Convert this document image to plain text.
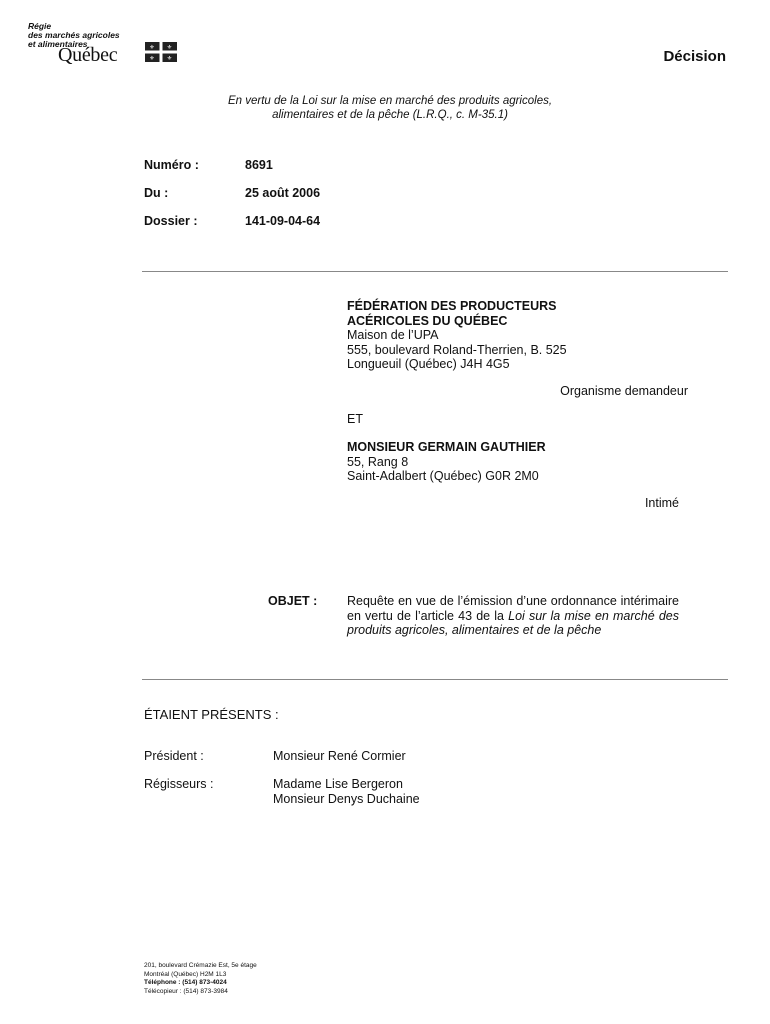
Régie
des marchés agricoles
et alimentaires
Québec	⚜ ⚜
⚜ ⚜	Décision
En vertu de la Loi sur la mise en marché des produits agricoles,
alimentaires et de la pêche (L.R.Q., c. M-35.1)
Numéro :	8691
Du :	25 août 2006
Dossier :	141-09-04-64
FÉDÉRATION DES PRODUCTEURS
ACÉRICOLES DU QUÉBEC
Maison de l’UPA
555, boulevard Roland-Therrien, B. 525
Longueuil (Québec) J4H 4G5
Organisme demandeur
ET
MONSIEUR GERMAIN GAUTHIER
55, Rang 8
Saint-Adalbert (Québec) G0R 2M0
Intimé
OBJET : Requête en vue de l’émission d’une ordonnance intérimaire en vertu de l’article 43 de la Loi sur la mise en marché des produits agricoles, alimentaires et de la pêche
ÉTAIENT PRÉSENTS :
Président :	Monsieur René Cormier
Régisseurs :	Madame Lise Bergeron
Monsieur Denys Duchaine
201, boulevard Crémazie Est, 5e étage
Montréal (Québec) H2M 1L3
Téléphone : (514) 873-4024
Télécopieur : (514) 873-3984
